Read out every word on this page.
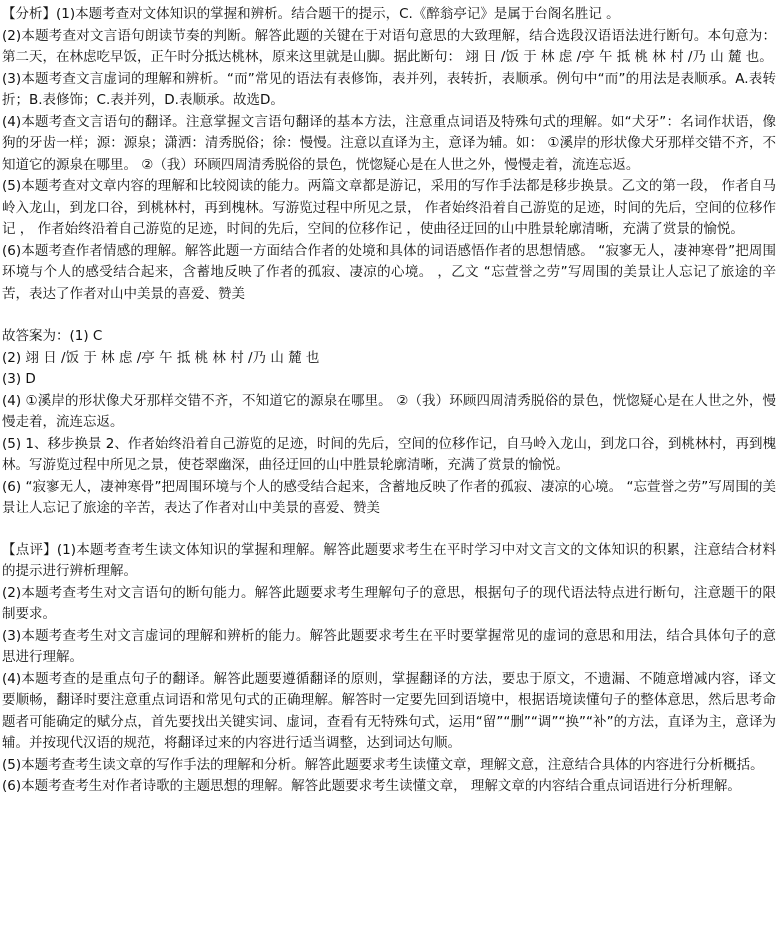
【分析】(1)本题考查对文体知识的掌握和辨析。结合题干的提示，C.《醉翁亭记》是属于台阁名胜记 。

(2)本题考查对文言语句朗读节奏的判断。解答此题的关键在于对语句意思的大致理解，结合选段汉语语法进行断句。本句意为：第二天，在林虑吃早饭，正午时分抵达桃林，原来这里就是山脚。据此断句： 翊 日 /饭 于 林 虑 /亭 午 抵 桃 林 村 /乃 山 麓 也。

(3)本题考查文言虚词的理解和辨析。“而”常见的语法有表修饰，表并列，表转折，表顺承。例句中“而”的用法是表顺承。A.表转折；B.表修饰；C.表并列，D.表顺承。故选D。

(4)本题考查文言语句的翻译。注意掌握文言语句翻译的基本方法，注意重点词语及特殊句式的理解。如“犬牙”：名词作状语，像狗的牙齿一样；源：源泉；潇洒：清秀脱俗；徐：慢慢。注意以直译为主，意译为辅。如： ①溪岸的形状像犬牙那样交错不齐，不知道它的源泉在哪里。 ②（我）环顾四周清秀脱俗的景色，恍惚疑心是在人世之外，慢慢走着，流连忘返。

(5)本题考查对文章内容的理解和比较阅读的能力。两篇文章都是游记，采用的写作手法都是移步换景。乙文的第一段， 作者自马岭入龙山，到龙口谷，到桃林村，再到槐林。写游览过程中所见之景， 作者始终沿着自己游览的足迹，时间的先后，空间的位移作记 ， 作者始终沿着自己游览的足迹，时间的先后，空间的位移作记 ，使曲径迂回的山中胜景轮廓清晰，充满了赏景的愉悦。

(6)本题考查作者情感的理解。解答此题一方面结合作者的处境和具体的词语感悟作者的思想情感。 “寂寥无人，凄神寒骨”把周围环境与个人的感受结合起来，含蓄地反映了作者的孤寂、凄凉的心境。 ，乙文 “忘萱誉之劳”写周围的美景让人忘记了旅途的辛苦，表达了作者对山中美景的喜爱、赞美

故答案为：(1) C

(2) 翊 日 /饭 于 林 虑 /亭 午 抵 桃 林 村 /乃 山 麓 也

(3) D

(4) ①溪岸的形状像犬牙那样交错不齐，不知道它的源泉在哪里。 ②（我）环顾四周清秀脱俗的景色，恍惚疑心是在人世之外，慢慢走着，流连忘返。

(5) 1、移步换景 2、作者始终沿着自己游览的足迹，时间的先后，空间的位移作记，自马岭入龙山，到龙口谷，到桃林村，再到槐林。写游览过程中所见之景，使苍翠幽深，曲径迂回的山中胜景轮廓清晰，充满了赏景的愉悦。

(6) “寂寥无人，凄神寒骨”把周围环境与个人的感受结合起来，含蓄地反映了作者的孤寂、凄凉的心境。 “忘萱誉之劳”写周围的美景让人忘记了旅途的辛苦，表达了作者对山中美景的喜爱、赞美

【点评】(1)本题考查考生读文体知识的掌握和理解。解答此题要求考生在平时学习中对文言文的文体知识的积累，注意结合材料的提示进行辨析理解。

(2)本题考查考生对文言语句的断句能力。解答此题要求考生理解句子的意思，根据句子的现代语法特点进行断句，注意题干的限制要求。

(3)本题考查考生对文言虚词的理解和辨析的能力。解答此题要求考生在平时要掌握常见的虚词的意思和用法，结合具体句子的意思进行理解。

(4)本题考查的是重点句子的翻译。解答此题要遵循翻译的原则，掌握翻译的方法，要忠于原文，不遗漏、不随意增减内容，译文要顺畅，翻译时要注意重点词语和常见句式的正确理解。解答时一定要先回到语境中，根据语境读懂句子的整体意思，然后思考命题者可能确定的赋分点，首先要找出关键实词、虚词，查看有无特殊句式，运用“留”“删”“调”“换”“补”的方法，直译为主，意译为辅。并按现代汉语的规范，将翻译过来的内容进行适当调整，达到词达句顺。

(5)本题考查考生读文章的写作手法的理解和分析。解答此题要求考生读懂文章，理解文意，注意结合具体的内容进行分析概括。

(6)本题考查考生对作者诗歌的主题思想的理解。解答此题要求考生读懂文章， 理解文章的内容结合重点词语进行分析理解。
